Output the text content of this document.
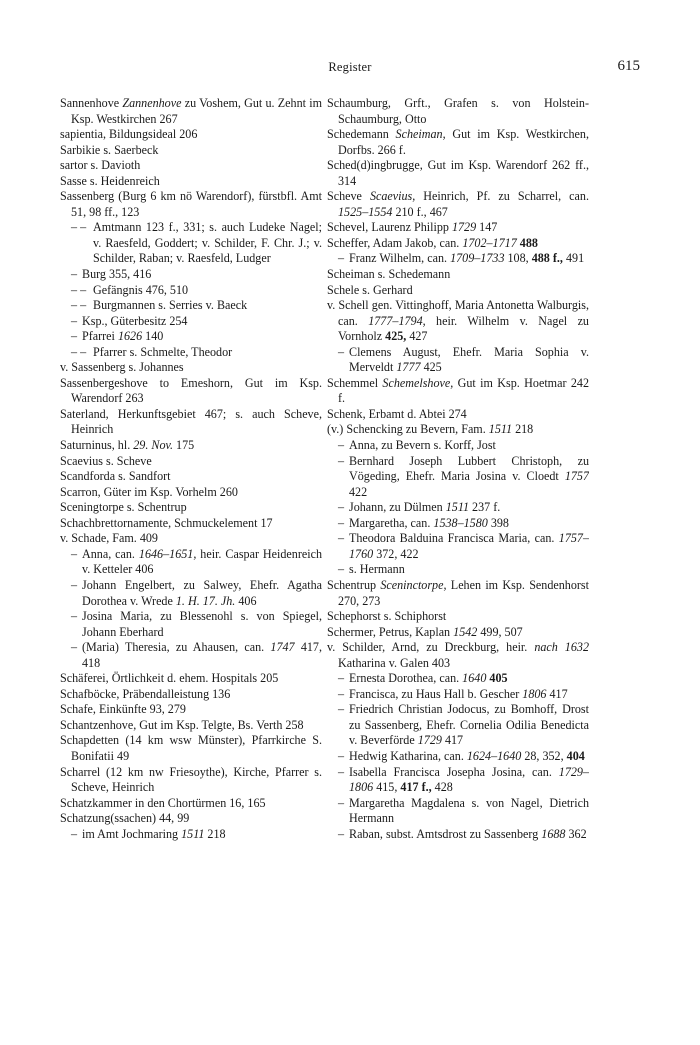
Register	615
Sannenhove Zannenhove zu Voshem, Gut u. Zehnt im Ksp. Westkirchen 267
sapientia, Bildungsideal 206
Sarbikie s. Saerbeck
sartor s. Davioth
Sasse s. Heidenreich
Sassenberg (Burg 6 km nö Warendorf), fürstbfl. Amt 51, 98 ff., 123
– – Amtmann 123 f., 331; s. auch Ludeke Nagel; v. Raesfeld, Goddert; v. Schilder, F. Chr. J.; v. Schilder, Raban; v. Raesfeld, Ludger
– Burg 355, 416
– – Gefängnis 476, 510
– – Burgmannen s. Serries v. Baeck
– Ksp., Güterbesitz 254
– Pfarrei 1626 140
– – Pfarrer s. Schmelte, Theodor
v. Sassenberg s. Johannes
Sassenbergeshove to Emeshorn, Gut im Ksp. Warendorf 263
Saterland, Herkunftsgebiet 467; s. auch Scheve, Heinrich
Saturninus, hl. 29. Nov. 175
Scaevius s. Scheve
Scandforda s. Sandfort
Scarron, Güter im Ksp. Vorhelm 260
Sceningtorpe s. Schentrup
Schachbrettornamente, Schmuckelement 17
v. Schade, Fam. 409
– Anna, can. 1646–1651, heir. Caspar Heidenreich v. Ketteler 406
– Johann Engelbert, zu Salwey, Ehefr. Agatha Dorothea v. Wrede 1. H. 17. Jh. 406
– Josina Maria, zu Blessenohl s. von Spiegel, Johann Eberhard
– (Maria) Theresia, zu Ahausen, can. 1747 417, 418
Schäferei, Örtlichkeit d. ehem. Hospitals 205
Schafböcke, Präbendalleistung 136
Schafe, Einkünfte 93, 279
Schantzenhove, Gut im Ksp. Telgte, Bs. Verth 258
Schapdetten (14 km wsw Münster), Pfarrkirche S. Bonifatii 49
Scharrel (12 km nw Friesoythe), Kirche, Pfarrer s. Scheve, Heinrich
Schatzkammer in den Chortürmen 16, 165
Schatzung(ssachen) 44, 99
– im Amt Jochmaring 1511 218
Schaumburg, Grft., Grafen s. von Holstein-Schaumburg, Otto
Schedemann Scheiman, Gut im Ksp. Westkirchen, Dorfbs. 266 f.
Sched(d)ingbrugge, Gut im Ksp. Warendorf 262 ff., 314
Scheve Scaevius, Heinrich, Pf. zu Scharrel, can. 1525–1554 210 f., 467
Schevel, Laurenz Philipp 1729 147
Scheffer, Adam Jakob, can. 1702–1717 488
– Franz Wilhelm, can. 1709–1733 108, 488 f., 491
Scheiman s. Schedemann
Schele s. Gerhard
v. Schell gen. Vittinghoff, Maria Antonetta Walburgis, can. 1777–1794, heir. Wilhelm v. Nagel zu Vornholz 425, 427
– Clemens August, Ehefr. Maria Sophia v. Merveldt 1777 425
Schemmel Schemelshove, Gut im Ksp. Hoetmar 242 f.
Schenk, Erbamt d. Abtei 274
(v.) Schencking zu Bevern, Fam. 1511 218
– Anna, zu Bevern s. Korff, Jost
– Bernhard Joseph Lubbert Christoph, zu Vögeding, Ehefr. Maria Josina v. Cloedt 1757 422
– Johann, zu Dülmen 1511 237 f.
– Margaretha, can. 1538–1580 398
– Theodora Balduina Francisca Maria, can. 1757–1760 372, 422
– s. Hermann
Schentrup Sceninctorpe, Lehen im Ksp. Sendenhorst 270, 273
Schephorst s. Schiphorst
Schermer, Petrus, Kaplan 1542 499, 507
v. Schilder, Arnd, zu Dreckburg, heir. nach 1632 Katharina v. Galen 403
– Ernesta Dorothea, can. 1640 405
– Francisca, zu Haus Hall b. Gescher 1806 417
– Friedrich Christian Jodocus, zu Bomhoff, Drost zu Sassenberg, Ehefr. Cornelia Odilia Benedicta v. Beverförde 1729 417
– Hedwig Katharina, can. 1624–1640 28, 352, 404
– Isabella Francisca Josepha Josina, can. 1729–1806 415, 417 f., 428
– Margaretha Magdalena s. von Nagel, Dietrich Hermann
– Raban, subst. Amtsdrost zu Sassenberg 1688 362
